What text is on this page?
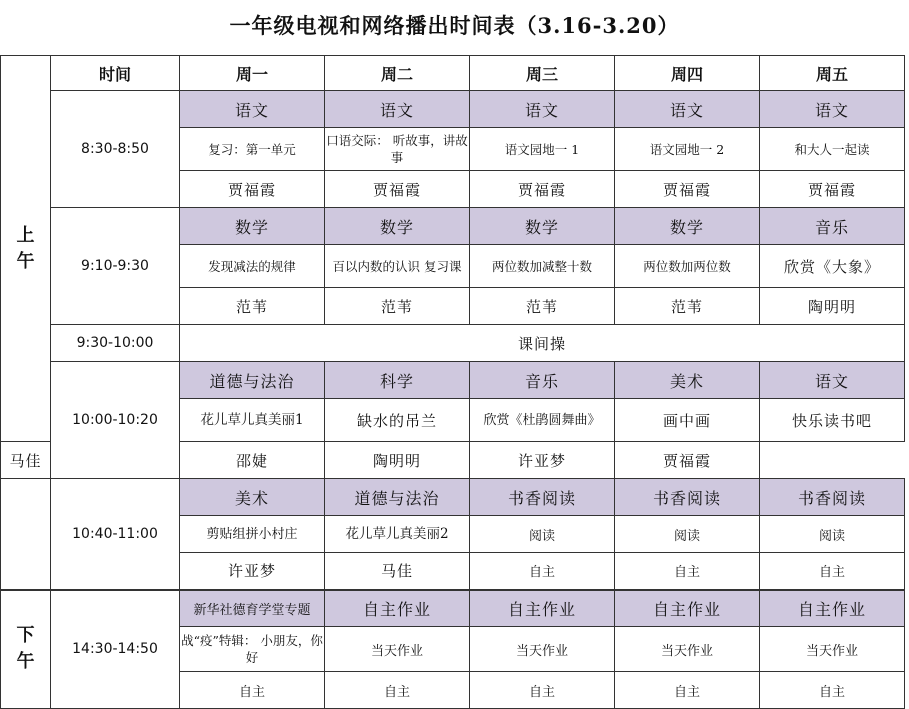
一年级电视和网络播出时间表（3.16-3.20）
上
午	时间	周一	周二	周三	周四	周五
	8:30-8:50	语文	语文	语文	语文	语文
		复习：第一单元	口语交际： 听故事，讲故事	语文园地一 1	语文园地一 2	和大人一起读
		贾福霞	贾福霞	贾福霞	贾福霞	贾福霞
	9:10-9:30	数学	数学	数学	数学	音乐
		发现减法的规律	百以内数的认识 复习课	两位数加减整十数	两位数加两位数	欣赏《大象》
		范苇	范苇	范苇	范苇	陶明明
	9:30-10:00	课间操				
	10:00-10:20	道德与法治	科学	音乐	美术	语文
		花儿草儿真美丽1	缺水的吊兰	欣赏《杜鹃圆舞曲》	画中画	快乐读书吧
马佳		邵婕	陶明明	许亚梦	贾福霞	
	10:40-11:00	美术	道德与法治	书香阅读	书香阅读	书香阅读
		剪贴组拼小村庄	花儿草儿真美丽2	阅读	阅读	阅读
		许亚梦	马佳	自主	自主	自主

下
午	14:30-14:50	新华社德育学堂专题	自主作业	自主作业	自主作业	自主作业
		战“疫”特辑： 小朋友，你好	当天作业	当天作业	当天作业	当天作业
		自主	自主	自主	自主	自主
